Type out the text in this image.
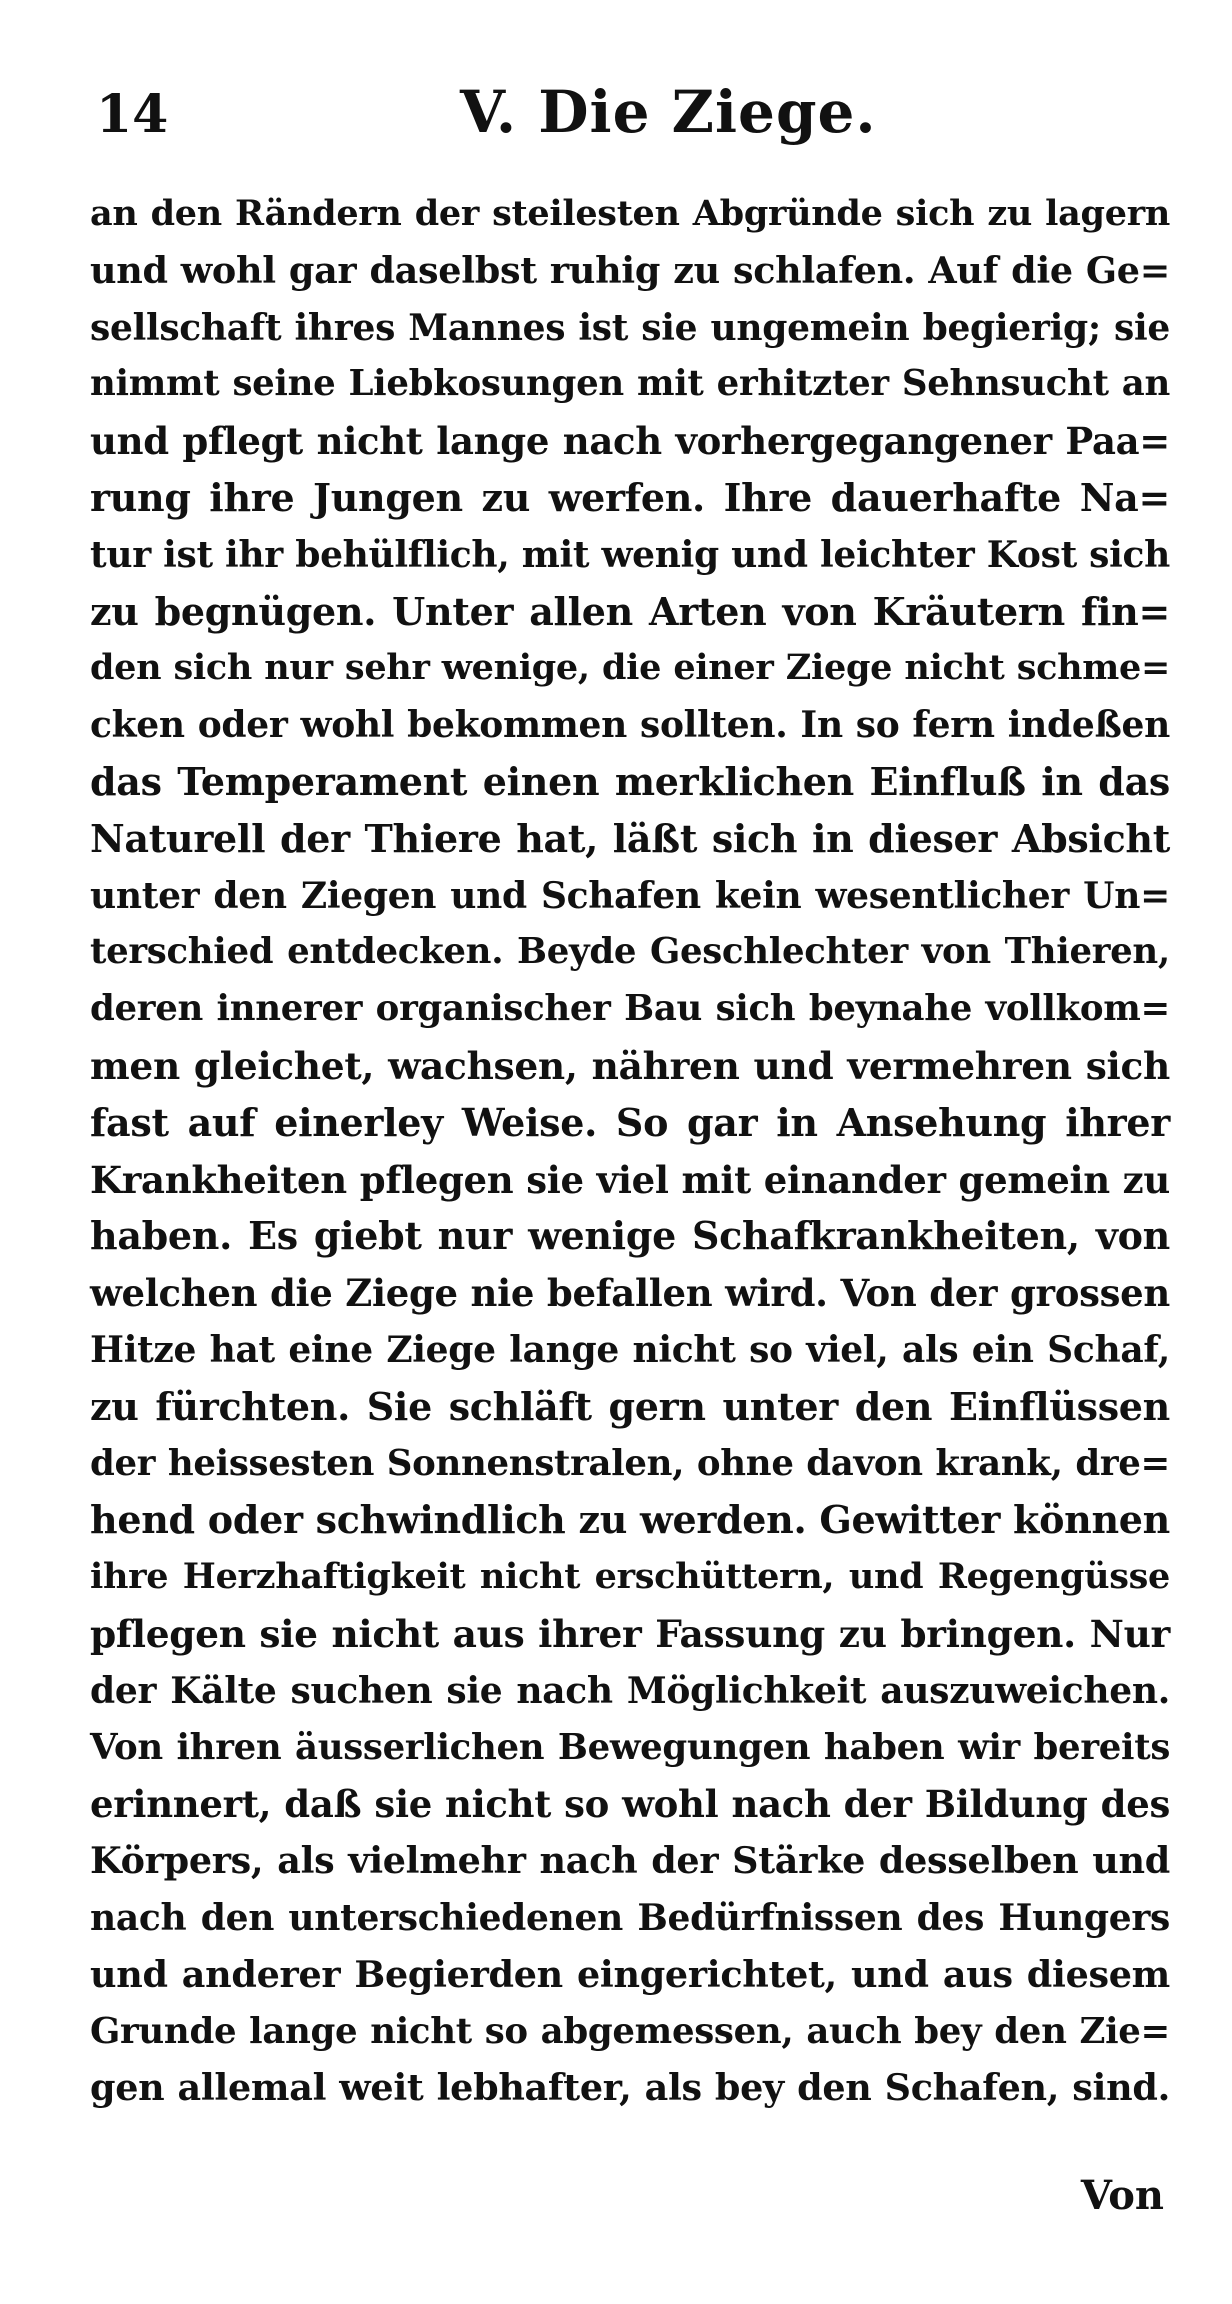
14	V. Die Ziege.
an den Rändern der steilesten Abgründe sich zu lagern
und wohl gar daselbst ruhig zu schlafen. Auf die Ge=
sellschaft ihres Mannes ist sie ungemein begierig; sie
nimmt seine Liebkosungen mit erhitzter Sehnsucht an
und pflegt nicht lange nach vorhergegangener Paa=
rung ihre Jungen zu werfen. Ihre dauerhafte Na=
tur ist ihr behülflich, mit wenig und leichter Kost sich
zu begnügen. Unter allen Arten von Kräutern fin=
den sich nur sehr wenige, die einer Ziege nicht schme=
cken oder wohl bekommen sollten. In so fern indeßen
das Temperament einen merklichen Einfluß in das
Naturell der Thiere hat, läßt sich in dieser Absicht
unter den Ziegen und Schafen kein wesentlicher Un=
terschied entdecken. Beyde Geschlechter von Thieren,
deren innerer organischer Bau sich beynahe vollkom=
men gleichet, wachsen, nähren und vermehren sich
fast auf einerley Weise. So gar in Ansehung ihrer
Krankheiten pflegen sie viel mit einander gemein zu
haben. Es giebt nur wenige Schafkrankheiten, von
welchen die Ziege nie befallen wird. Von der grossen
Hitze hat eine Ziege lange nicht so viel, als ein Schaf,
zu fürchten. Sie schläft gern unter den Einflüssen
der heissesten Sonnenstralen, ohne davon krank, dre=
hend oder schwindlich zu werden. Gewitter können
ihre Herzhaftigkeit nicht erschüttern, und Regengüsse
pflegen sie nicht aus ihrer Fassung zu bringen. Nur
der Kälte suchen sie nach Möglichkeit auszuweichen.
Von ihren äusserlichen Bewegungen haben wir bereits
erinnert, daß sie nicht so wohl nach der Bildung des
Körpers, als vielmehr nach der Stärke desselben und
nach den unterschiedenen Bedürfnissen des Hungers
und anderer Begierden eingerichtet, und aus diesem
Grunde lange nicht so abgemessen, auch bey den Zie=
gen allemal weit lebhafter, als bey den Schafen, sind.
Von
